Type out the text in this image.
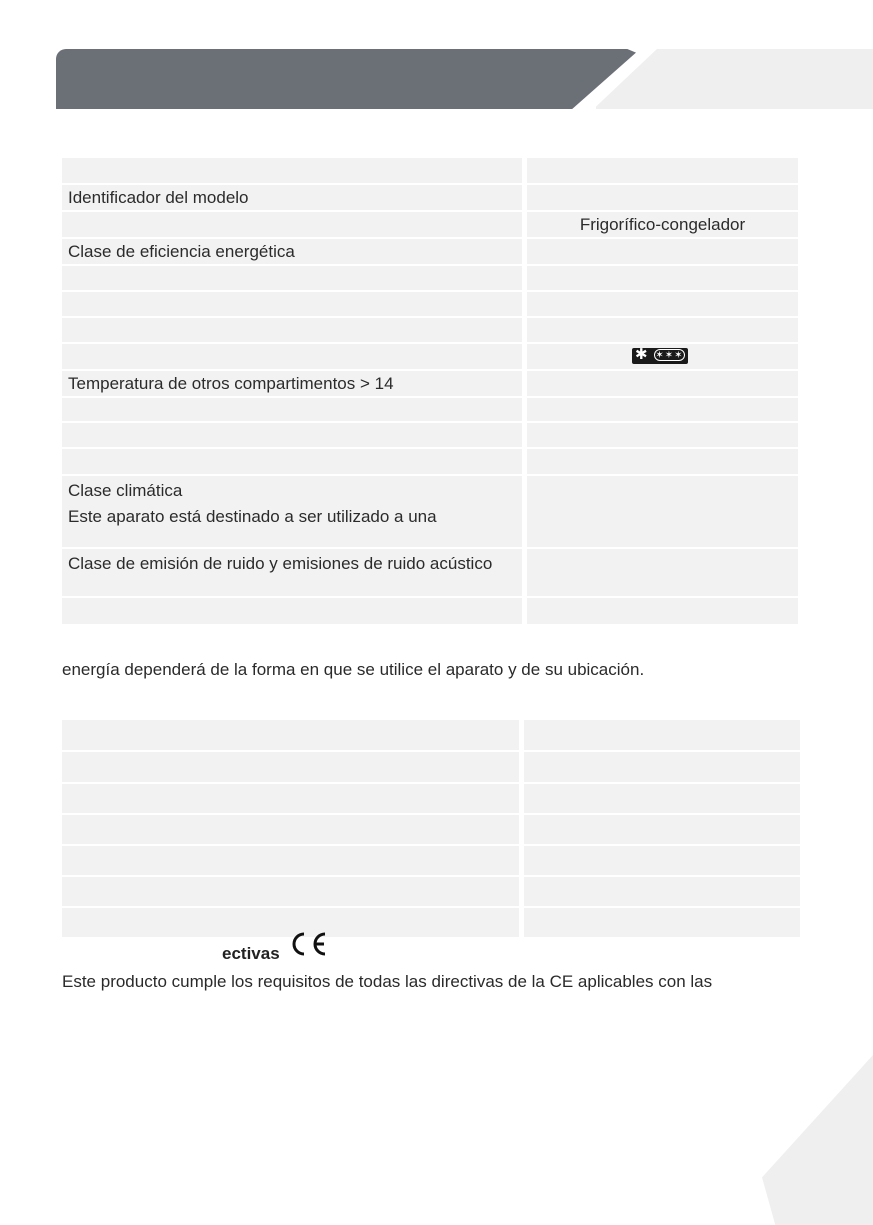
Identificador del modelo
Frigorífico-congelador
Clase de eficiencia energética
Temperatura de otros compartimentos > 14
Clase climática
Este aparato está destinado a ser utilizado a una
Clase de emisión de ruido y emisiones de ruido acústico
✱ ✶✶✶
energía dependerá de la forma en que se utilice el aparato y de su ubicación.
ectivas
Este producto cumple los requisitos de todas las directivas de la CE aplicables con las
